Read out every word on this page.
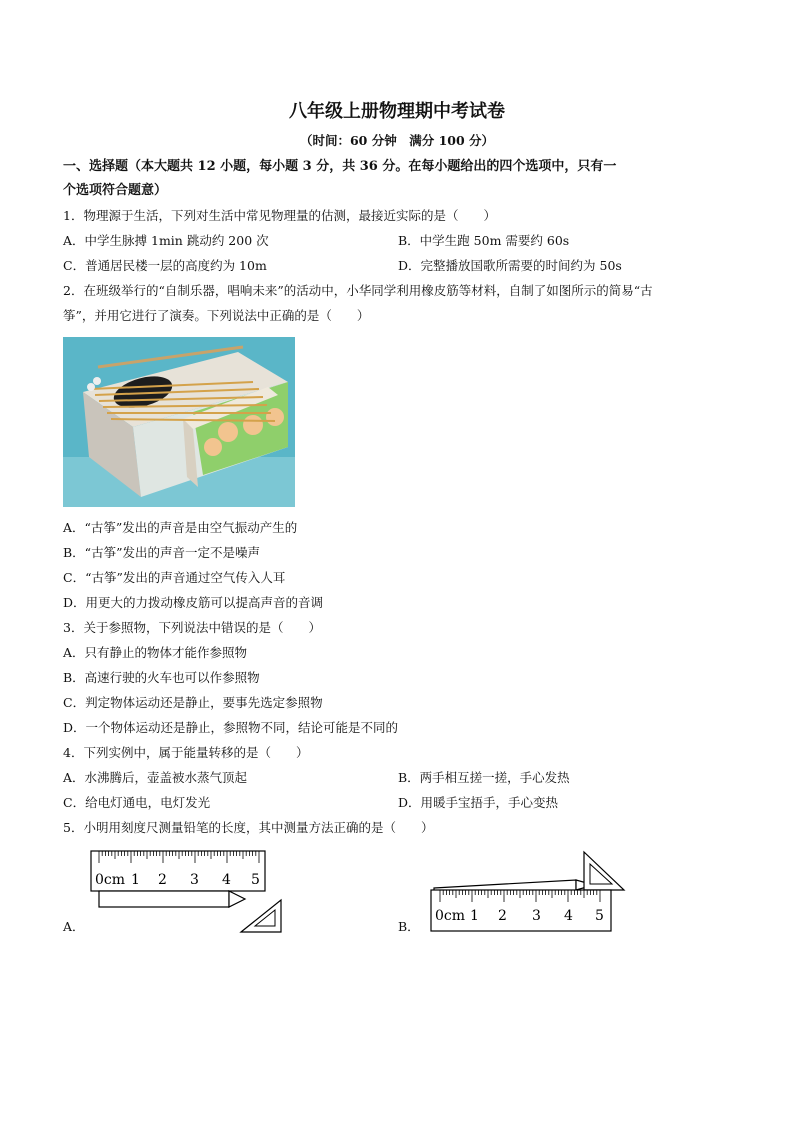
八年级上册物理期中考试卷
（时间：60 分钟　满分 100 分）
一、选择题（本大题共 12 小题，每小题 3 分，共 36 分。在每小题给出的四个选项中，只有一
个选项符合题意）
1．物理源于生活，下列对生活中常见物理量的估测，最接近实际的是（　　）
A．中学生脉搏 1min 跳动约 200 次	B．中学生跑 50m 需要约 60s
C．普通居民楼一层的高度约为 10m	D．完整播放国歌所需要的时间约为 50s
2．在班级举行的“自制乐器，唱响未来”的活动中，小华同学利用橡皮筋等材料，自制了如图所示的简易“古
筝”，并用它进行了演奏。下列说法中正确的是（　　）
A．“古筝”发出的声音是由空气振动产生的
B．“古筝”发出的声音一定不是噪声
C．“古筝”发出的声音通过空气传入人耳
D．用更大的力拨动橡皮筋可以提高声音的音调
3．关于参照物，下列说法中错误的是（　　）
A．只有静止的物体才能作参照物
B．高速行驶的火车也可以作参照物
C．判定物体运动还是静止，要事先选定参照物
D．一个物体运动还是静止，参照物不同，结论可能是不同的
4．下列实例中，属于能量转移的是（　　）
A．水沸腾后，壶盖被水蒸气顶起	B．两手相互搓一搓，手心发热
C．给电灯通电，电灯发光	D．用暖手宝捂手，手心变热
5．小明用刻度尺测量铅笔的长度，其中测量方法正确的是（　　）
0cm 1 2 3 4 5
A．
0cm 1 2 3 4 5
B．
